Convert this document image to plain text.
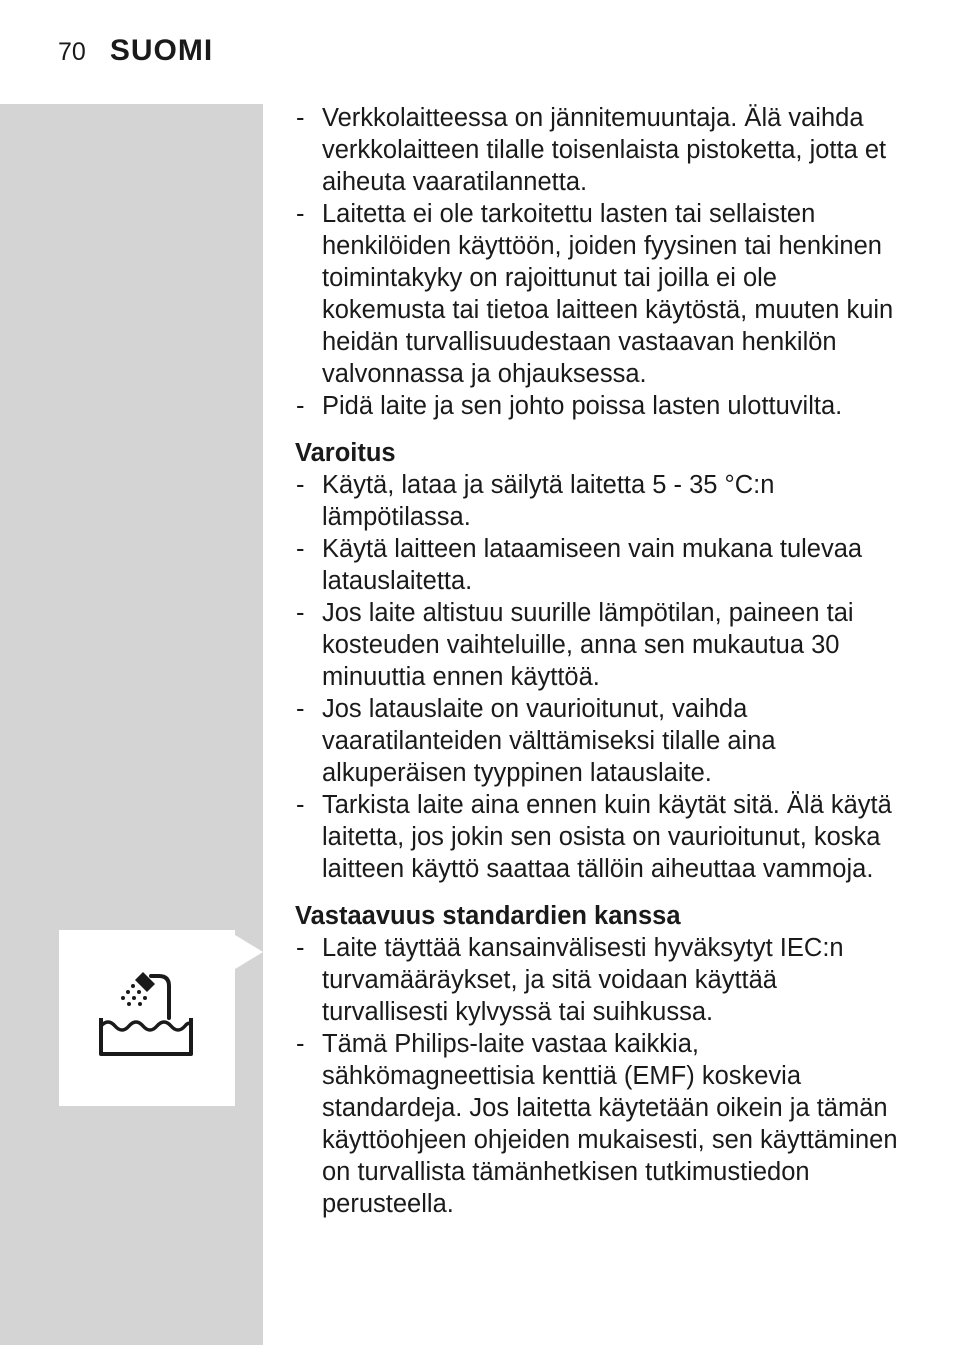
70 SUOMI
- Verkkolaitteessa on jännitemuuntaja. Älä vaihda verkkolaitteen tilalle toisenlaista pistoketta, jotta et aiheuta vaaratilannetta.
- Laitetta ei ole tarkoitettu lasten tai sellaisten henkilöiden käyttöön, joiden fyysinen tai henkinen toimintakyky on rajoittunut tai joilla ei ole kokemusta tai tietoa laitteen käytöstä, muuten kuin heidän turvallisuudestaan vastaavan henkilön valvonnassa ja ohjauksessa.
- Pidä laite ja sen johto poissa lasten ulottuvilta.
Varoitus
- Käytä, lataa ja säilytä laitetta 5 - 35 °C:n lämpötilassa.
- Käytä laitteen lataamiseen vain mukana tulevaa latauslaitetta.
- Jos laite altistuu suurille lämpötilan, paineen tai kosteuden vaihteluille, anna sen mukautua 30 minuuttia ennen käyttöä.
- Jos latauslaite on vaurioitunut, vaihda vaaratilanteiden välttämiseksi tilalle aina alkuperäisen tyyppinen latauslaite.
- Tarkista laite aina ennen kuin käytät sitä. Älä käytä laitetta, jos jokin sen osista on vaurioitunut, koska laitteen käyttö saattaa tällöin aiheuttaa vammoja.
Vastaavuus standardien kanssa
- Laite täyttää kansainvälisesti hyväksytyt IEC:n turvamääräykset, ja sitä voidaan käyttää turvallisesti kylvyssä tai suihkussa.
- Tämä Philips-laite vastaa kaikkia, sähkömagneettisia kenttiä (EMF) koskevia standardeja. Jos laitetta käytetään oikein ja tämän käyttöohjeen ohjeiden mukaisesti, sen käyttäminen on turvallista tämänhetkisen tutkimustiedon perusteella.
